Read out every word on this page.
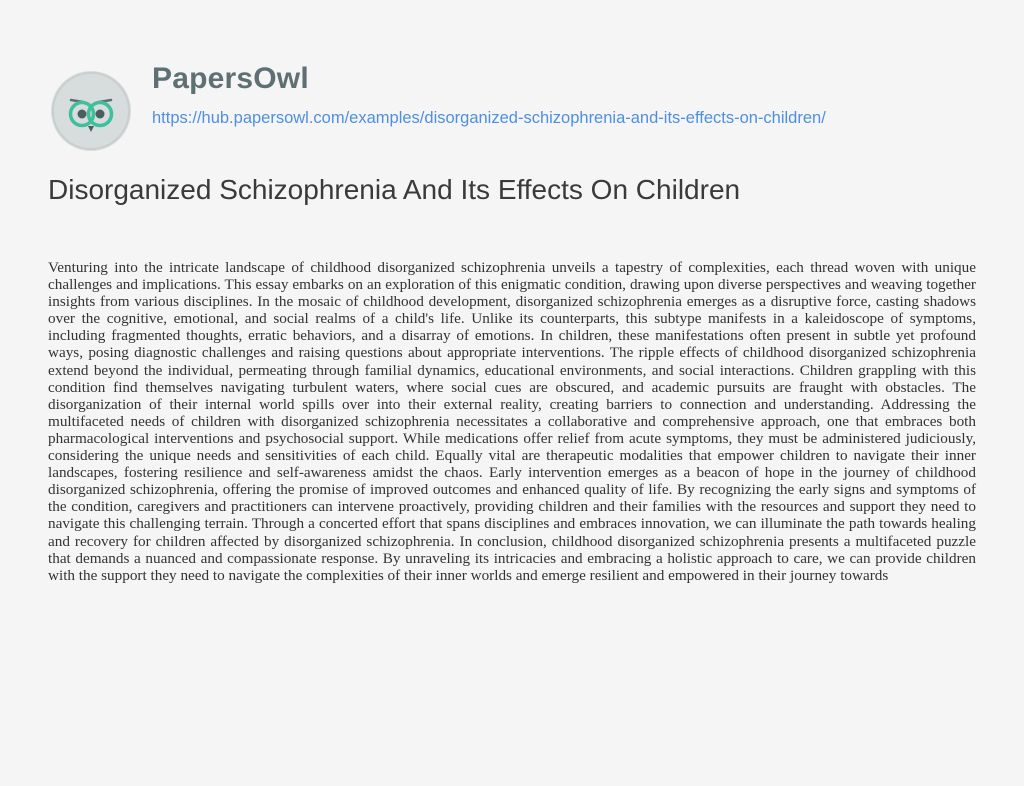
PapersOwl
https://hub.papersowl.com/examples/disorganized-schizophrenia-and-its-effects-on-children/
Disorganized Schizophrenia And Its Effects On Children

Venturing into the intricate landscape of childhood disorganized schizophrenia unveils a tapestry of complexities, each thread woven with unique challenges and implications. This essay embarks on an exploration of this enigmatic condition, drawing upon diverse perspectives and weaving together insights from various disciplines. In the mosaic of childhood development, disorganized schizophrenia emerges as a disruptive force, casting shadows over the cognitive, emotional, and social realms of a child's life. Unlike its counterparts, this subtype manifests in a kaleidoscope of symptoms, including fragmented thoughts, erratic behaviors, and a disarray of emotions. In children, these manifestations often present in subtle yet profound ways, posing diagnostic challenges and raising questions about appropriate interventions. The ripple effects of childhood disorganized schizophrenia extend beyond the individual, permeating through familial dynamics, educational environments, and social interactions. Children grappling with this condition find themselves navigating turbulent waters, where social cues are obscured, and academic pursuits are fraught with obstacles. The disorganization of their internal world spills over into their external reality, creating barriers to connection and understanding. Addressing the multifaceted needs of children with disorganized schizophrenia necessitates a collaborative and comprehensive approach, one that embraces both pharmacological interventions and psychosocial support. While medications offer relief from acute symptoms, they must be administered judiciously, considering the unique needs and sensitivities of each child. Equally vital are therapeutic modalities that empower children to navigate their inner landscapes, fostering resilience and self-awareness amidst the chaos. Early intervention emerges as a beacon of hope in the journey of childhood disorganized schizophrenia, offering the promise of improved outcomes and enhanced quality of life. By recognizing the early signs and symptoms of the condition, caregivers and practitioners can intervene proactively, providing children and their families with the resources and support they need to navigate this challenging terrain. Through a concerted effort that spans disciplines and embraces innovation, we can illuminate the path towards healing and recovery for children affected by disorganized schizophrenia. In conclusion, childhood disorganized schizophrenia presents a multifaceted puzzle that demands a nuanced and compassionate response. By unraveling its intricacies and embracing a holistic approach to care, we can provide children with the support they need to navigate the complexities of their inner worlds and emerge resilient and empowered in their journey towards
